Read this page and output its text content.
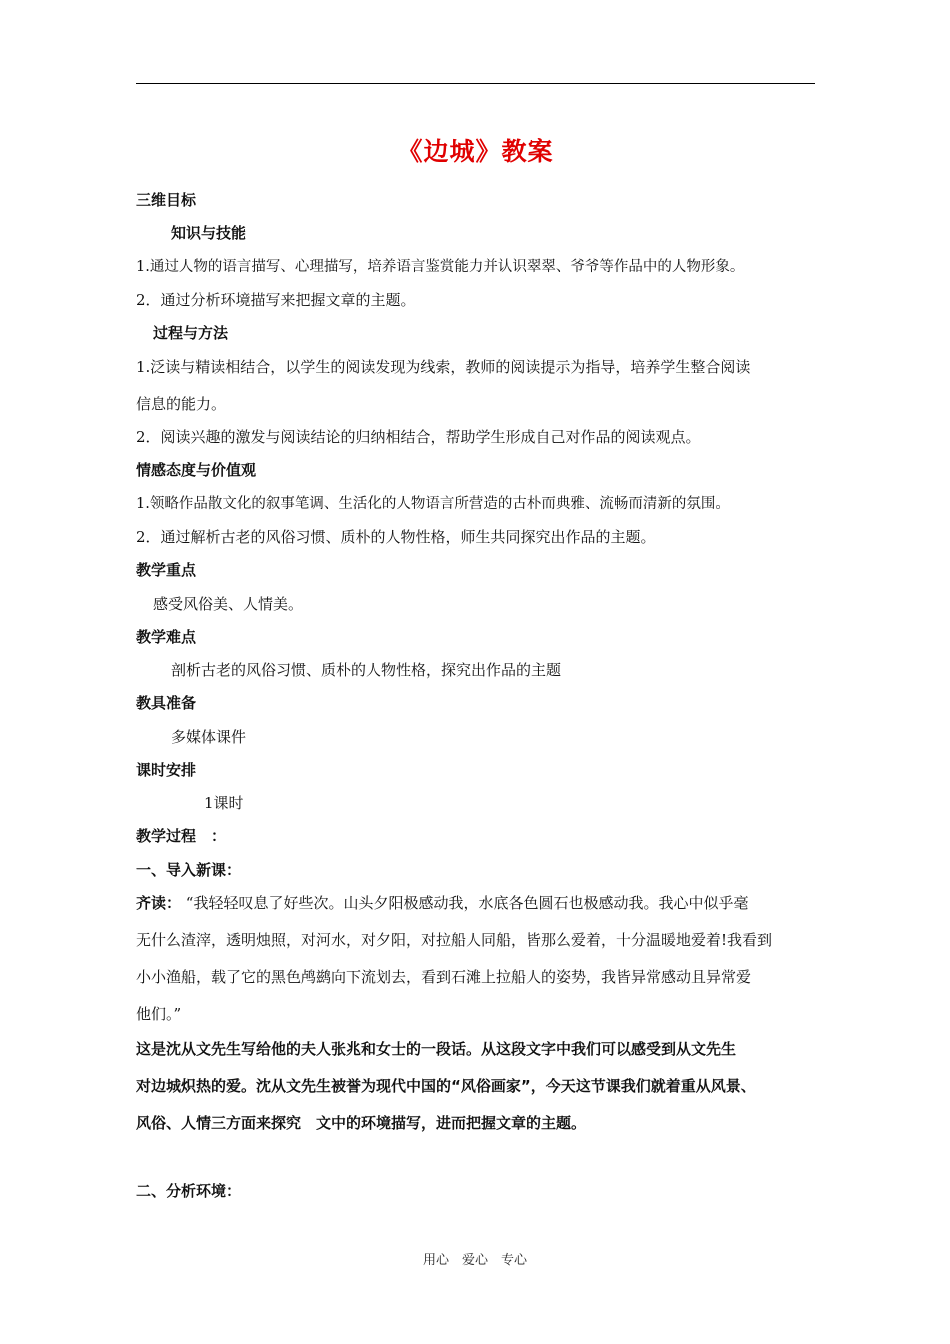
《边城》教案
三维目标
知识与技能
1.通过人物的语言描写、心理描写，培养语言鉴赏能力并认识翠翠、爷爷等作品中的人物形象。
2．通过分析环境描写来把握文章的主题。
过程与方法
1.泛读与精读相结合，以学生的阅读发现为线索，教师的阅读提示为指导，培养学生整合阅读
信息的能力。
2．阅读兴趣的激发与阅读结论的归纳相结合，帮助学生形成自己对作品的阅读观点。
情感态度与价值观
1.领略作品散文化的叙事笔调、生活化的人物语言所营造的古朴而典雅、流畅而清新的氛围。
2．通过解析古老的风俗习惯、质朴的人物性格，师生共同探究出作品的主题。
教学重点
感受风俗美、人情美。
教学难点
剖析古老的风俗习惯、质朴的人物性格，探究出作品的主题
教具准备
多媒体课件
课时安排
1课时
教学过程　：
一、导入新课：
齐读： “我轻轻叹息了好些次。山头夕阳极感动我，水底各色圆石也极感动我。我心中似乎毫
无什么渣滓，透明烛照，对河水，对夕阳，对拉船人同船，皆那么爱着，十分温暖地爱着!我看到
小小渔船，载了它的黑色鸬鹚向下流划去，看到石滩上拉船人的姿势，我皆异常感动且异常爱
他们。”
这是沈从文先生写给他的夫人张兆和女士的一段话。从这段文字中我们可以感受到从文先生
对边城炽热的爱。沈从文先生被誉为现代中国的“风俗画家”，今天这节课我们就着重从风景、
风俗、人情三方面来探究　文中的环境描写，进而把握文章的主题。
二、分析环境：
用心　爱心　专心
